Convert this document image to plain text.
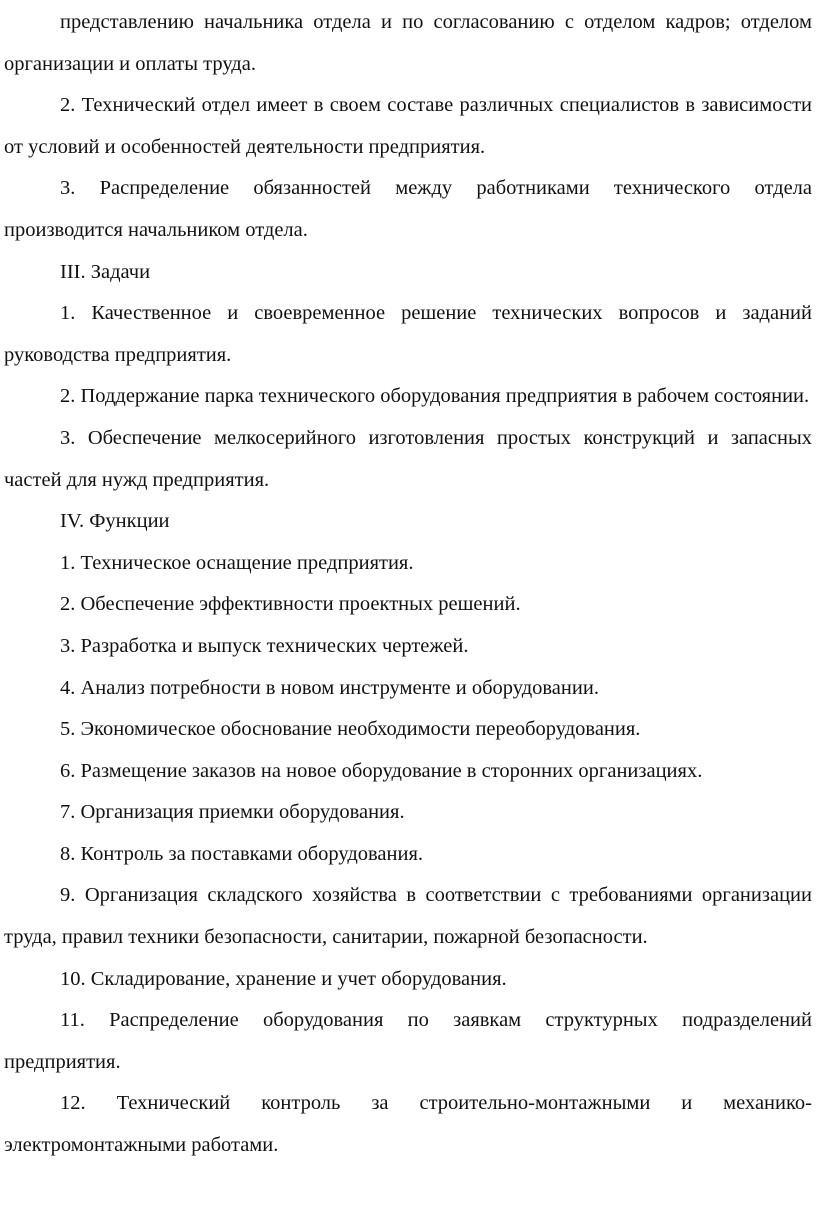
представлению начальника отдела и по согласованию с отделом кадров; отделом организации и оплаты труда.

2. Технический отдел имеет в своем составе различных специалистов в зависимости от условий и особенностей деятельности предприятия.

3. Распределение обязанностей между работниками технического отдела производится начальником отдела.

III. Задачи

1. Качественное и своевременное решение технических вопросов и заданий руководства предприятия.

2. Поддержание парка технического оборудования предприятия в рабочем состоянии.

3. Обеспечение мелкосерийного изготовления простых конструкций и запасных частей для нужд предприятия.

IV. Функции

1. Техническое оснащение предприятия.

2. Обеспечение эффективности проектных решений.

3. Разработка и выпуск технических чертежей.

4. Анализ потребности в новом инструменте и оборудовании.

5. Экономическое обоснование необходимости переоборудования.

6. Размещение заказов на новое оборудование в сторонних организациях.

7. Организация приемки оборудования.

8. Контроль за поставками оборудования.

9. Организация складского хозяйства в соответствии с требованиями организации труда, правил техники безопасности, санитарии, пожарной безопасности.

10. Складирование, хранение и учет оборудования.

11. Распределение оборудования по заявкам структурных подразделений предприятия.

12. Технический контроль за строительно-монтажными и механико-электромонтажными работами.
